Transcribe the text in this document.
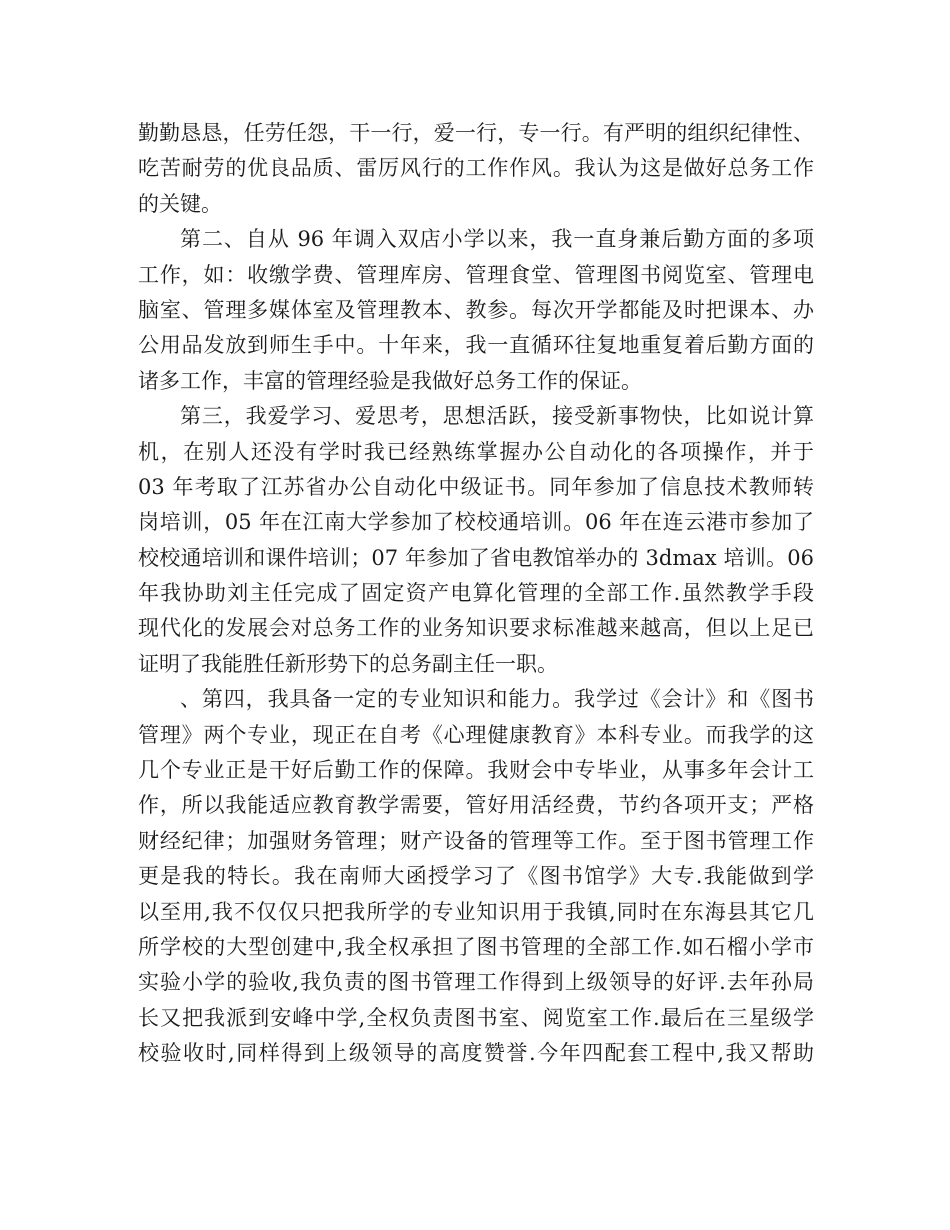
勤勤恳恳，任劳任怨，干一行，爱一行，专一行。有严明的组织纪律性、
吃苦耐劳的优良品质、雷厉风行的工作作风。我认为这是做好总务工作
的关键。
第二、自从 96 年调入双店小学以来，我一直身兼后勤方面的多项
工作，如：收缴学费、管理库房、管理食堂、管理图书阅览室、管理电
脑室、管理多媒体室及管理教本、教参。每次开学都能及时把课本、办
公用品发放到师生手中。十年来，我一直循环往复地重复着后勤方面的
诸多工作，丰富的管理经验是我做好总务工作的保证。
第三，我爱学习、爱思考，思想活跃，接受新事物快，比如说计算
机，在别人还没有学时我已经熟练掌握办公自动化的各项操作，并于
03 年考取了江苏省办公自动化中级证书。同年参加了信息技术教师转
岗培训，05 年在江南大学参加了校校通培训。06 年在连云港市参加了
校校通培训和课件培训；07 年参加了省电教馆举办的 3dmax 培训。06
年我协助刘主任完成了固定资产电算化管理的全部工作.虽然教学手段
现代化的发展会对总务工作的业务知识要求标准越来越高，但以上足已
证明了我能胜任新形势下的总务副主任一职。
、第四，我具备一定的专业知识和能力。我学过《会计》和《图书
管理》两个专业，现正在自考《心理健康教育》本科专业。而我学的这
几个专业正是干好后勤工作的保障。我财会中专毕业，从事多年会计工
作，所以我能适应教育教学需要，管好用活经费，节约各项开支；严格
财经纪律；加强财务管理；财产设备的管理等工作。至于图书管理工作
更是我的特长。我在南师大函授学习了《图书馆学》大专.我能做到学
以至用,我不仅仅只把我所学的专业知识用于我镇,同时在东海县其它几
所学校的大型创建中,我全权承担了图书管理的全部工作.如石榴小学市
实验小学的验收,我负责的图书管理工作得到上级领导的好评.去年孙局
长又把我派到安峰中学,全权负责图书室、阅览室工作.最后在三星级学
校验收时,同样得到上级领导的高度赞誉.今年四配套工程中,我又帮助
